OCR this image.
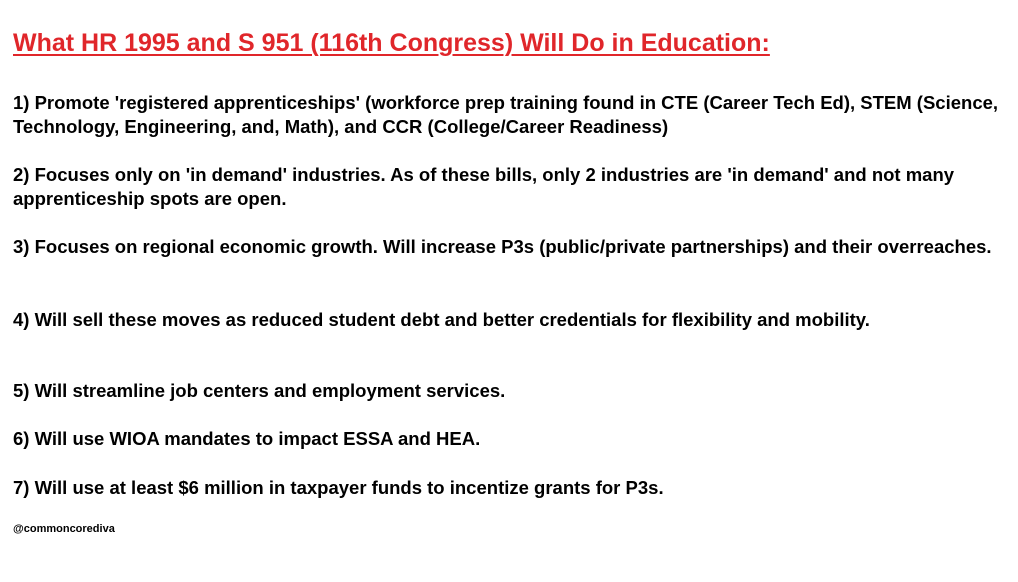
What HR 1995 and S 951 (116th Congress) Will Do in Education:

1) Promote 'registered apprenticeships' (workforce prep training found in CTE (Career Tech Ed), STEM (Science, Technology, Engineering, and, Math), and CCR (College/Career Readiness)

2) Focuses only on 'in demand' industries. As of these bills, only 2 industries are 'in demand' and not many apprenticeship spots are open.

3) Focuses on regional economic growth. Will increase P3s (public/private partnerships) and their overreaches.

4) Will sell these moves as reduced student debt and better credentials for flexibility and mobility.

5) Will streamline job centers and employment services.

6) Will use WIOA mandates to impact ESSA and HEA.

7) Will use at least $6 million in taxpayer funds to incentize grants for P3s.

@commoncorediva
